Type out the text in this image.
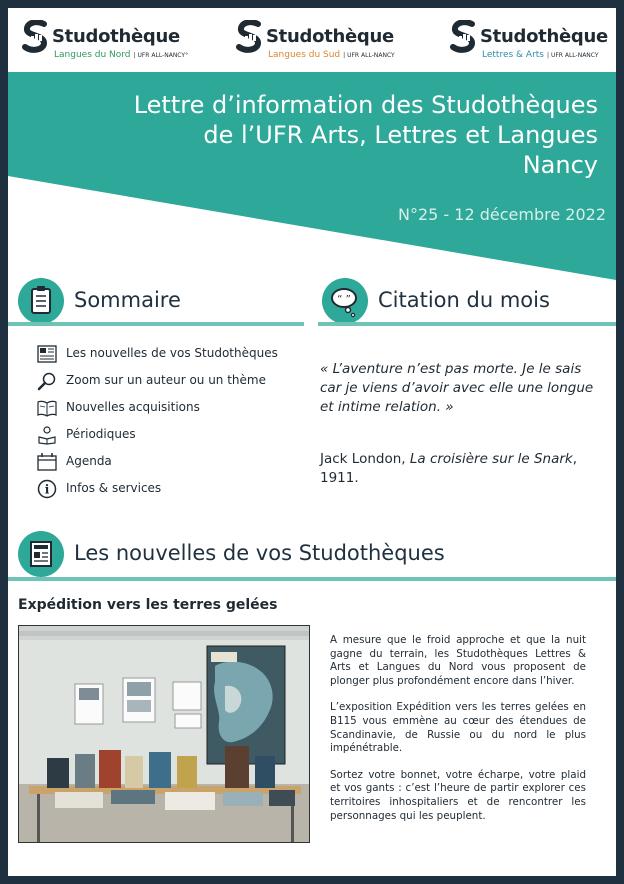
Studothèque
Langues du Nord | UFR ALL-NANCY°
Studothèque
Langues du Sud | UFR ALL-NANCY
Studothèque
Lettres & Arts | UFR ALL-NANCY
Lettre d’information des Studothèques
de l’UFR Arts, Lettres et Langues
Nancy
N°25 - 12 décembre 2022
Sommaire	“ ” Citation du mois
Les nouvelles de vos Studothèques
Zoom sur un auteur ou un thème
Nouvelles acquisitions
Périodiques
Agenda
i Infos & services
« L’aventure n’est pas morte. Je le sais car je viens d’avoir avec elle une longue et intime relation. »
Jack London, La croisière sur le Snark, 1911.
Les nouvelles de vos Studothèques
Expédition vers les terres gelées

A mesure que le froid approche et que la nuit gagne du terrain, les Studothèques Lettres & Arts et Langues du Nord vous proposent de plonger plus profondément encore dans l’hiver.

L’exposition Expédition vers les terres gelées en B115 vous emmène au cœur des étendues de Scandinavie, de Russie ou du nord le plus impénétrable.

Sortez votre bonnet, votre écharpe, votre plaid et vos gants : c’est l’heure de partir explorer ces territoires inhospitaliers et de rencontrer les personnages qui les peuplent.
